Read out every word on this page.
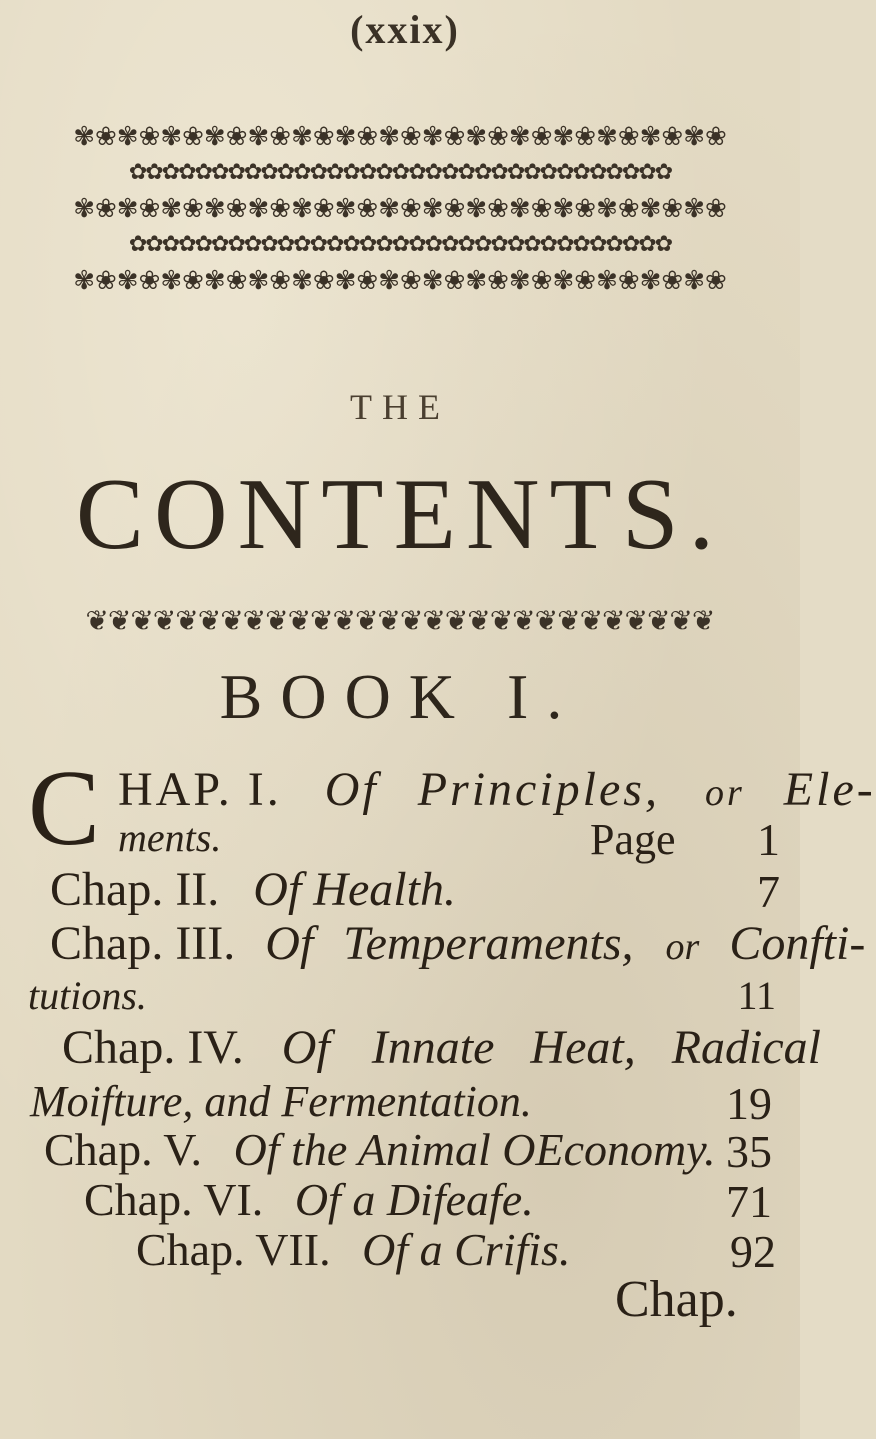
(xxix)
✾❀✾❀✾❀✾❀✾❀✾❀✾❀✾❀✾❀✾❀✾❀✾❀✾❀✾❀✾❀
✿✿✿✿✿✿✿✿✿✿✿✿✿✿✿✿✿✿✿✿✿✿✿✿✿✿✿✿✿✿✿✿✿
✾❀✾❀✾❀✾❀✾❀✾❀✾❀✾❀✾❀✾❀✾❀✾❀✾❀✾❀✾❀
✿✿✿✿✿✿✿✿✿✿✿✿✿✿✿✿✿✿✿✿✿✿✿✿✿✿✿✿✿✿✿✿✿
✾❀✾❀✾❀✾❀✾❀✾❀✾❀✾❀✾❀✾❀✾❀✾❀✾❀✾❀✾❀
THE
CONTENTS.
❦❦❦❦❦❦❦❦❦❦❦❦❦❦❦❦❦❦❦❦❦❦❦❦❦❦❦❦
BOOK I.
C HAP. I. Of Principles, or Ele-
ments.	Page	1
Chap. II. Of Health.	7
Chap. III. Of Temperaments, or Confti-
tutions.	11
Chap. IV. Of Innate Heat, Radical
Moifture, and Fermentation.	19
Chap. V. Of the Animal OEconomy. 35
Chap. VI. Of a Difeafe.	71
Chap. VII. Of a Crifis.	92
Chap.
